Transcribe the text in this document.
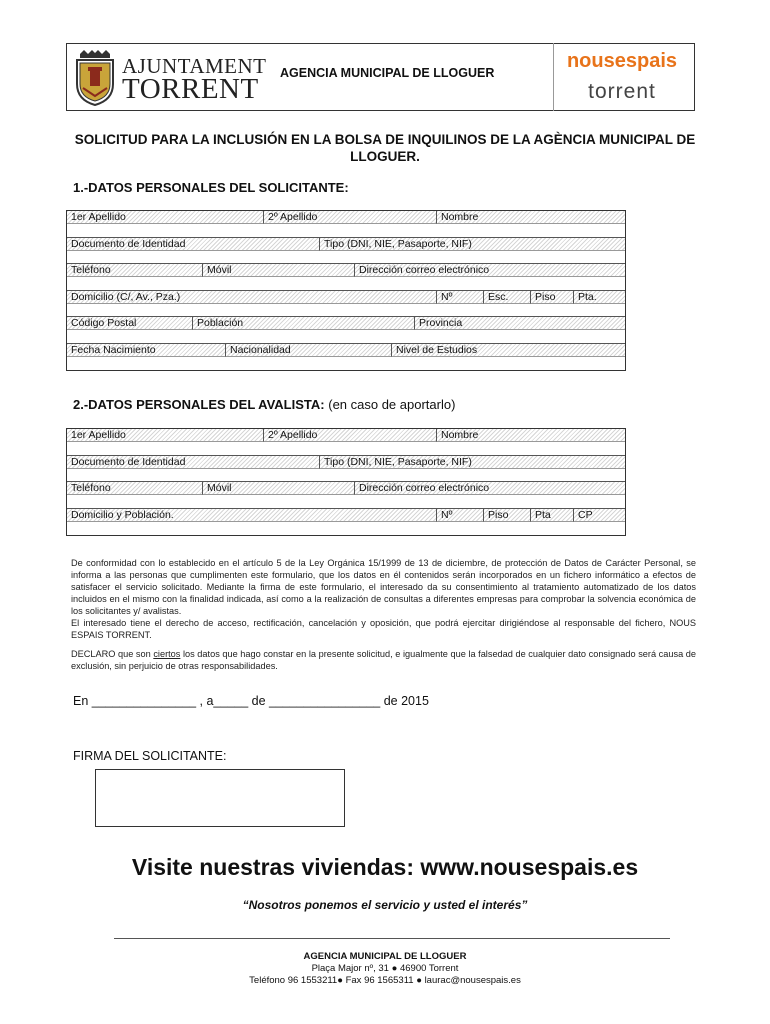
AJUNTAMENT
TORRENT AGENCIA MUNICIPAL DE LLOGUER
nousespais
torrent
SOLICITUD PARA LA INCLUSIÓN EN LA BOLSA DE INQUILINOS DE LA AGÈNCIA MUNICIPAL DE LLOGUER.
1.-DATOS PERSONALES DEL SOLICITANTE:
1er Apellido	2º Apellido	Nombre
Documento de Identidad	Tipo (DNI, NIE, Pasaporte, NIF)
Teléfono	Móvil	Dirección correo electrónico
Domicilio (C/, Av., Pza.)	Nº	Esc.	Piso	Pta.
Código Postal	Población	Provincia
Fecha Nacimiento	Nacionalidad	Nivel de Estudios
2.-DATOS PERSONALES DEL AVALISTA: (en caso de aportarlo)
1er Apellido	2º Apellido	Nombre
Documento de Identidad	Tipo (DNI, NIE, Pasaporte, NIF)
Teléfono	Móvil	Dirección correo electrónico
Domicilio y Población.	Nº	Piso	Pta	CP

De conformidad con lo establecido en el artículo 5 de la Ley Orgánica 15/1999 de 13 de diciembre, de protección de Datos de Carácter Personal, se informa a las personas que cumplimenten este formulario, que los datos en él contenidos serán incorporados en un fichero informático a efectos de satisfacer el servicio solicitado. Mediante la firma de este formulario, el interesado da su consentimiento al tratamiento automatizado de los datos incluidos en el mismo con la finalidad indicada, así como a la realización de consultas a diferentes empresas para comprobar la solvencia económica de los solicitantes y/ avalistas.

El interesado tiene el derecho de acceso, rectificación, cancelación y oposición, que podrá ejercitar dirigiéndose al responsable del fichero, NOUS ESPAIS TORRENT.

DECLARO que son ciertos los datos que hago constar en la presente solicitud, e igualmente que la falsedad de cualquier dato consignado será causa de exclusión, sin perjuicio de otras responsabilidades.
En _______________ , a_____ de ________________ de 2015
FIRMA DEL SOLICITANTE:
Visite nuestras viviendas: www.nousespais.es
“Nosotros ponemos el servicio y usted el interés”
AGENCIA MUNICIPAL DE LLOGUER
Plaça Major nº, 31 ● 46900 Torrent
Teléfono 96 1553211● Fax 96 1565311 ● laurac@nousespais.es
